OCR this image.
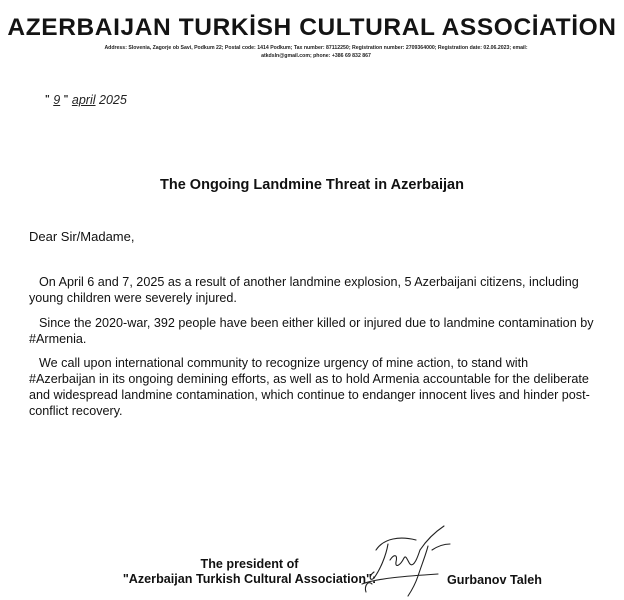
AZERBAIJAN TURKİSH CULTURAL ASSOCİATİON
Address: Slovenia, Zagorje ob Savi, Podkum 22; Postal code: 1414 Podkum; Tax number: 87112250; Registration number: 2709364000; Registration date: 02.06.2023; email: atkdsln@gmail.com; phone: +386 69 832 867
" 9 " april 2025
The Ongoing Landmine Threat in Azerbaijan

Dear Sir/Madame,

On April 6 and 7, 2025 as a result of another landmine explosion, 5 Azerbaijani citizens, including young children were severely injured.

Since the 2020-war, 392 people have been either killed or injured due to landmine contamination by #Armenia.

We call upon international community to recognize urgency of mine action, to stand with #Azerbaijan in its ongoing demining efforts, as well as to hold Armenia accountable for the deliberate and widespread landmine contamination, which continue to endanger innocent lives and hinder post-conflict recovery.

The president of
"Azerbaijan Turkish Cultural Association":	Gurbanov Taleh
